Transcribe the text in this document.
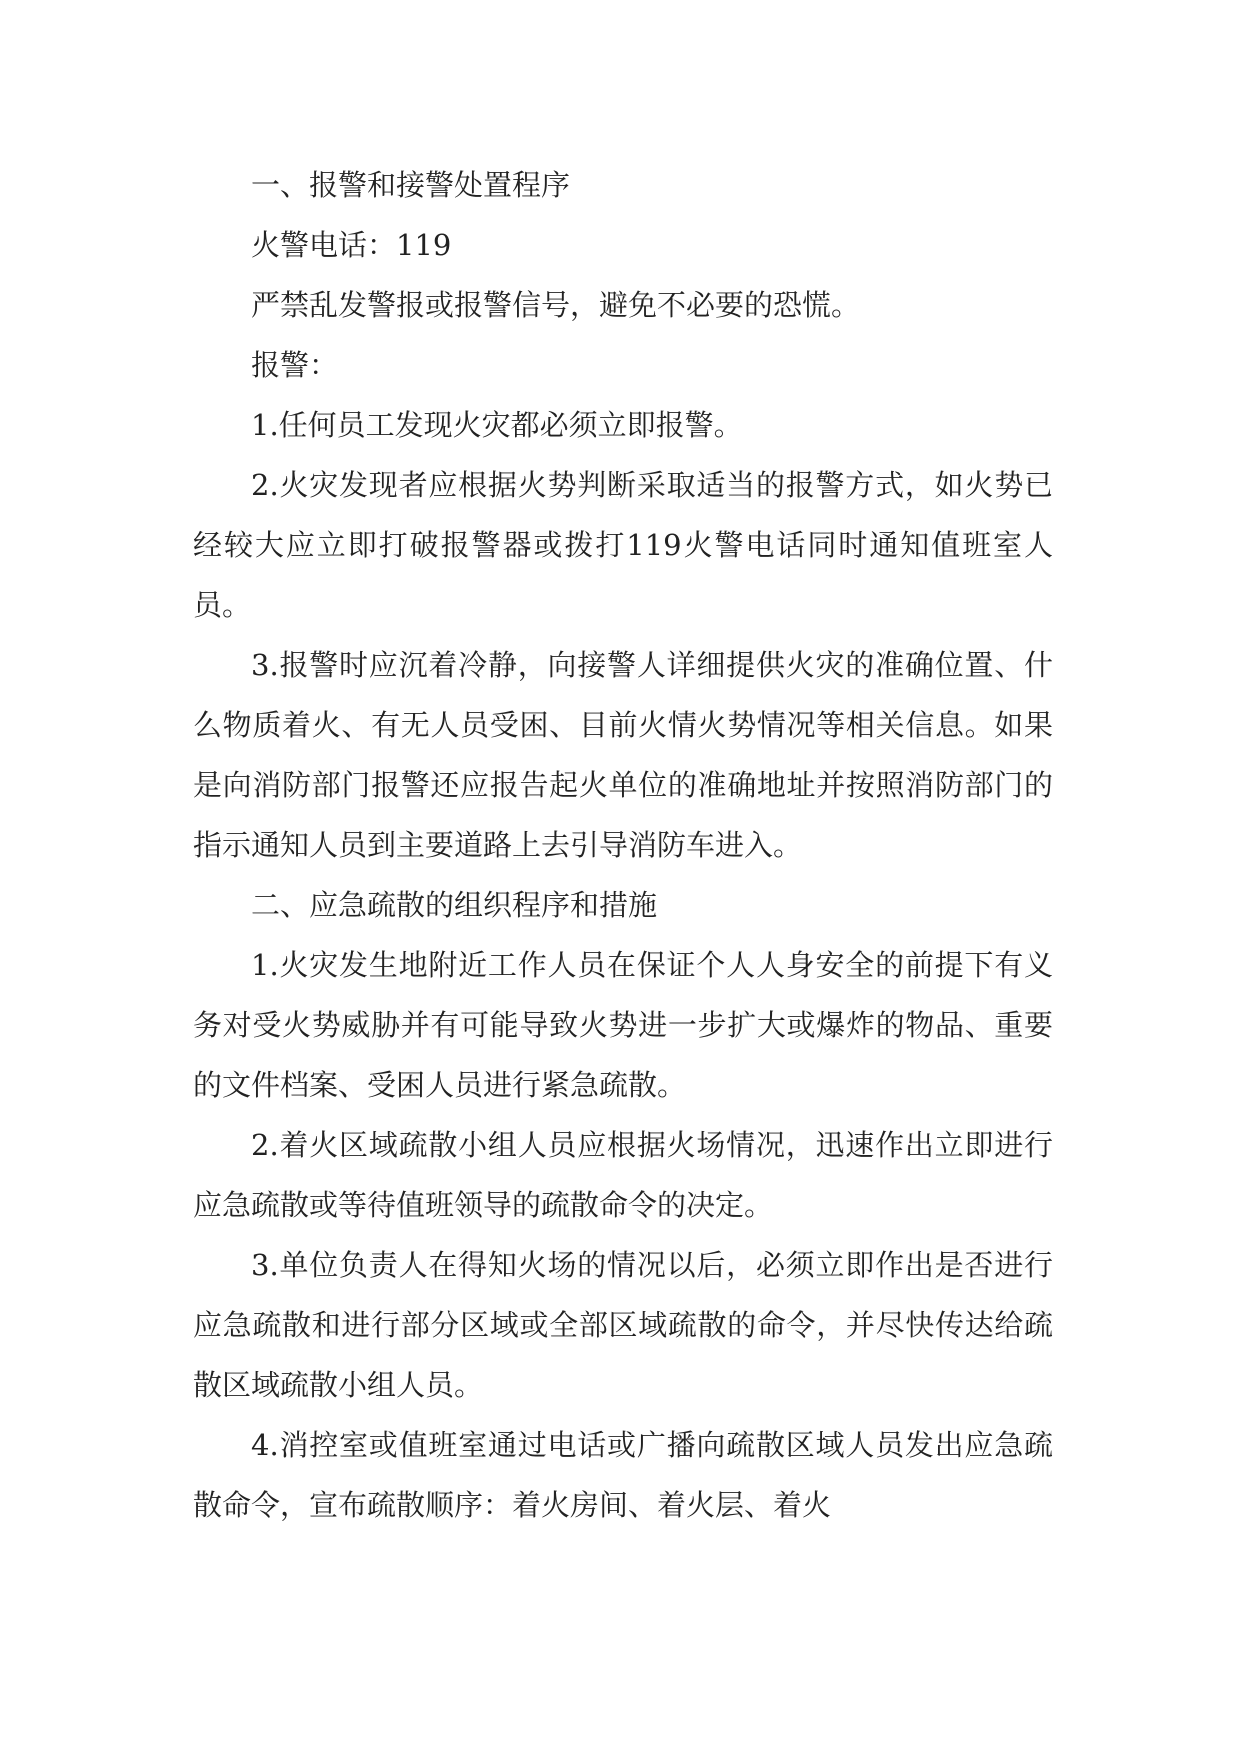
一、报警和接警处置程序

火警电话：119

严禁乱发警报或报警信号，避免不必要的恐慌。

报警：

1.任何员工发现火灾都必须立即报警。

2.火灾发现者应根据火势判断采取适当的报警方式，如火势已经较大应立即打破报警器或拨打119火警电话同时通知值班室人员。

3.报警时应沉着冷静，向接警人详细提供火灾的准确位置、什么物质着火、有无人员受困、目前火情火势情况等相关信息。如果是向消防部门报警还应报告起火单位的准确地址并按照消防部门的指示通知人员到主要道路上去引导消防车进入。

二、应急疏散的组织程序和措施

1.火灾发生地附近工作人员在保证个人人身安全的前提下有义务对受火势威胁并有可能导致火势进一步扩大或爆炸的物品、重要的文件档案、受困人员进行紧急疏散。

2.着火区域疏散小组人员应根据火场情况，迅速作出立即进行应急疏散或等待值班领导的疏散命令的决定。

3.单位负责人在得知火场的情况以后，必须立即作出是否进行应急疏散和进行部分区域或全部区域疏散的命令，并尽快传达给疏散区域疏散小组人员。

4.消控室或值班室通过电话或广播向疏散区域人员发出应急疏散命令，宣布疏散顺序：着火房间、着火层、着火
